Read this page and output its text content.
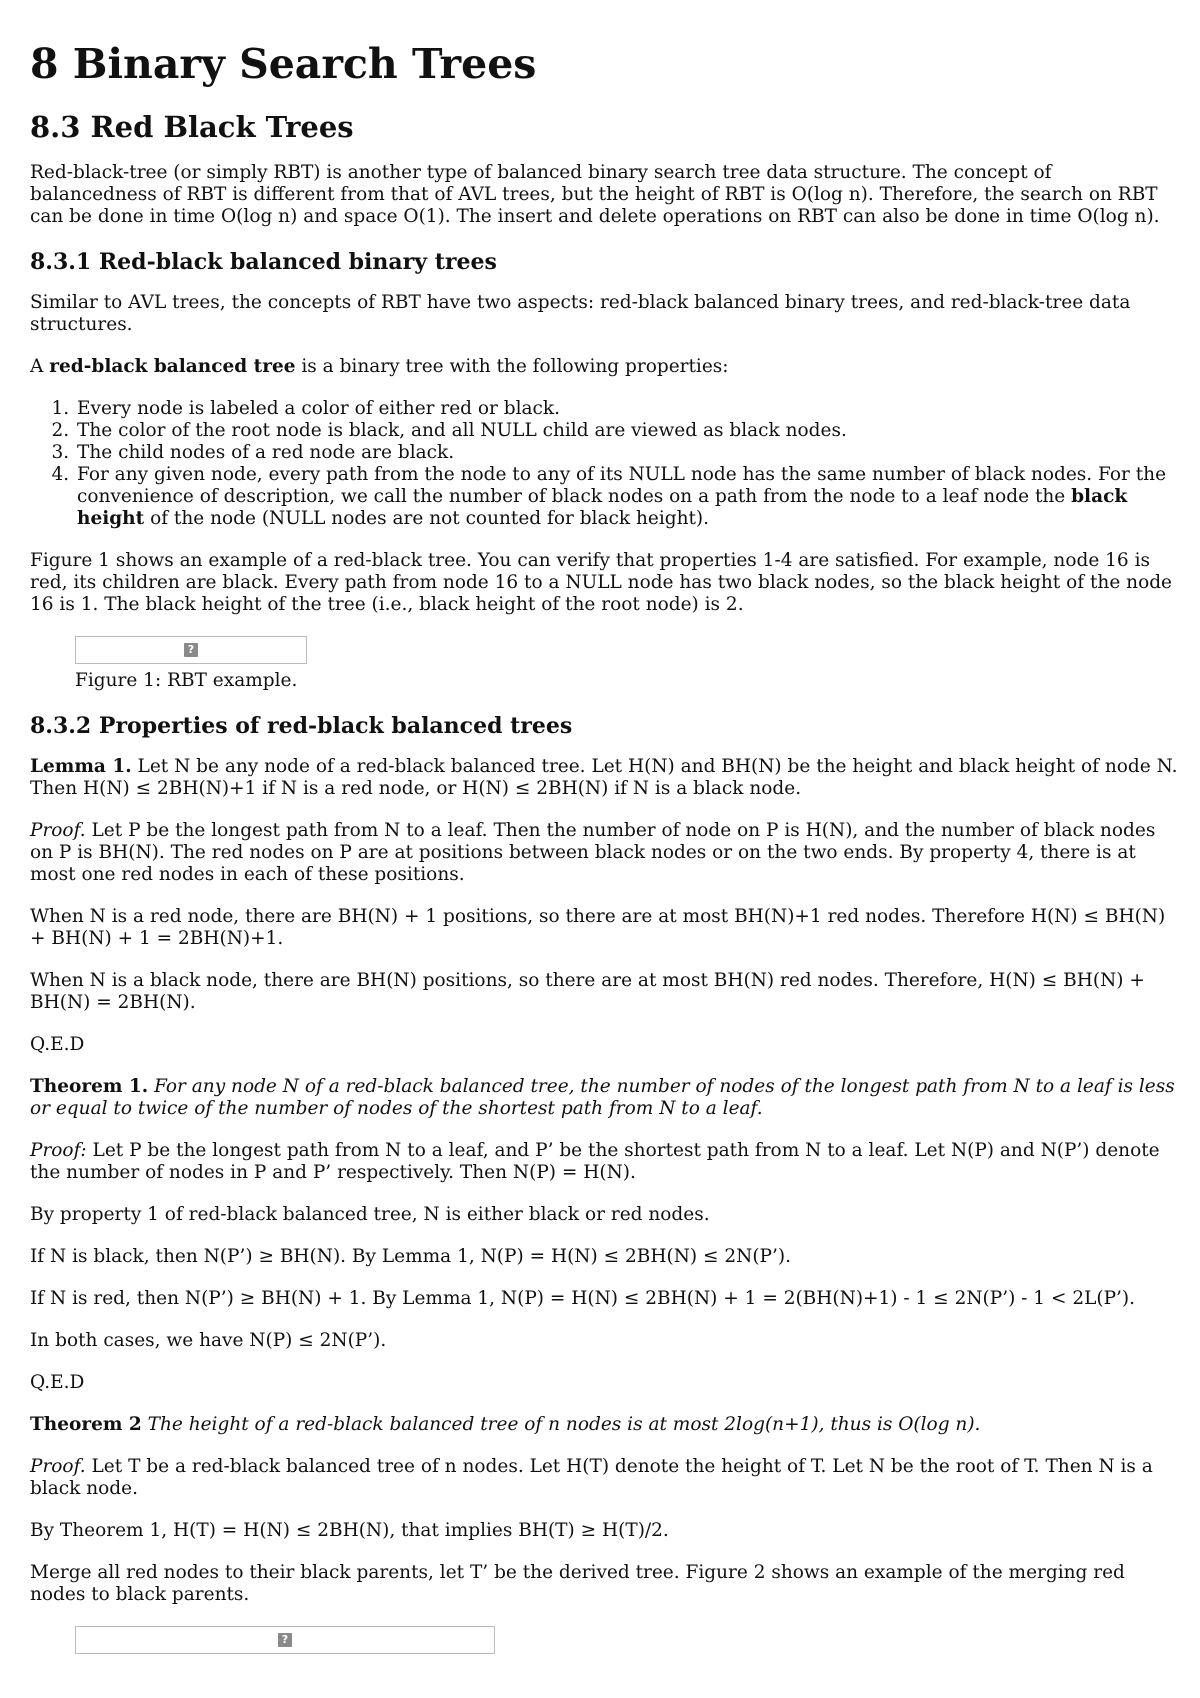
8 Binary Search Trees
8.3 Red Black Trees

Red-black-tree (or simply RBT) is another type of balanced binary search tree data structure. The concept of balancedness of RBT is different from that of AVL trees, but the height of RBT is O(log n). Therefore, the search on RBT can be done in time O(log n) and space O(1). The insert and delete operations on RBT can also be done in time O(log n).

8.3.1 Red-black balanced binary trees

Similar to AVL trees, the concepts of RBT have two aspects: red-black balanced binary trees, and red-black-tree data structures.

A red-black balanced tree is a binary tree with the following properties:

1. Every node is labeled a color of either red or black.
2. The color of the root node is black, and all NULL child are viewed as black nodes.
3. The child nodes of a red node are black.
4. For any given node, every path from the node to any of its NULL node has the same number of black nodes. For the convenience of description, we call the number of black nodes on a path from the node to a leaf node the black height of the node (NULL nodes are not counted for black height).

Figure 1 shows an example of a red-black tree. You can verify that properties 1-4 are satisfied. For example, node 16 is red, its children are black. Every path from node 16 to a NULL node has two black nodes, so the black height of the node 16 is 1. The black height of the tree (i.e., black height of the root node) is 2.

?
Figure 1: RBT example.
8.3.2 Properties of red-black balanced trees

Lemma 1. Let N be any node of a red-black balanced tree. Let H(N) and BH(N) be the height and black height of node N. Then H(N) ≤ 2BH(N)+1 if N is a red node, or H(N) ≤ 2BH(N) if N is a black node.

Proof. Let P be the longest path from N to a leaf. Then the number of node on P is H(N), and the number of black nodes on P is BH(N). The red nodes on P are at positions between black nodes or on the two ends. By property 4, there is at most one red nodes in each of these positions.

When N is a red node, there are BH(N) + 1 positions, so there are at most BH(N)+1 red nodes. Therefore H(N) ≤ BH(N) + BH(N) + 1 = 2BH(N)+1.

When N is a black node, there are BH(N) positions, so there are at most BH(N) red nodes. Therefore, H(N) ≤ BH(N) + BH(N) = 2BH(N).

Q.E.D

Theorem 1. For any node N of a red-black balanced tree, the number of nodes of the longest path from N to a leaf is less or equal to twice of the number of nodes of the shortest path from N to a leaf.

Proof: Let P be the longest path from N to a leaf, and P’ be the shortest path from N to a leaf. Let N(P) and N(P’) denote the number of nodes in P and P’ respectively. Then N(P) = H(N).

By property 1 of red-black balanced tree, N is either black or red nodes.

If N is black, then N(P’) ≥ BH(N). By Lemma 1, N(P) = H(N) ≤ 2BH(N) ≤ 2N(P’).

If N is red, then N(P’) ≥ BH(N) + 1. By Lemma 1, N(P) = H(N) ≤ 2BH(N) + 1 = 2(BH(N)+1) - 1 ≤ 2N(P’) - 1 < 2L(P’).

In both cases, we have N(P) ≤ 2N(P’).

Q.E.D

Theorem 2 The height of a red-black balanced tree of n nodes is at most 2log(n+1), thus is O(log n).

Proof. Let T be a red-black balanced tree of n nodes. Let H(T) denote the height of T. Let N be the root of T. Then N is a black node.

By Theorem 1, H(T) = H(N) ≤ 2BH(N), that implies BH(T) ≥ H(T)/2.

Merge all red nodes to their black parents, let T’ be the derived tree. Figure 2 shows an example of the merging red nodes to black parents.

?
